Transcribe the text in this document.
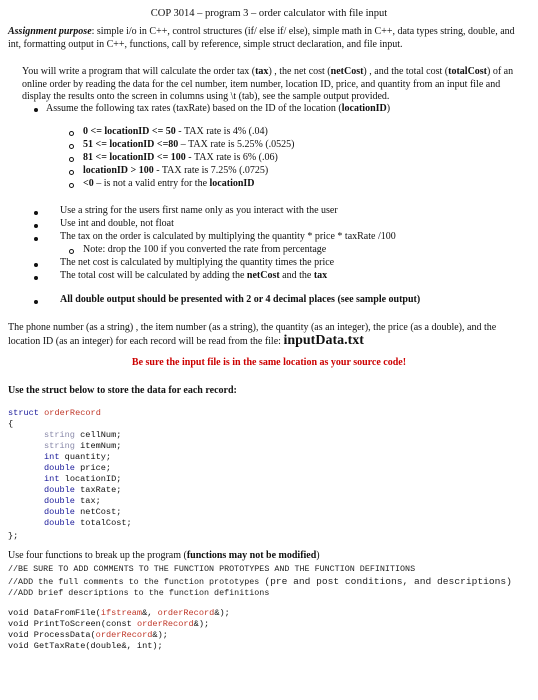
COP 3014 – program 3 – order calculator with file input
Assignment purpose: simple i/o in C++, control structures (if/ else if/ else), simple math in C++, data types string, double, and int, formatting output in C++, functions, call by reference, simple struct declaration, and file input.
You will write a program that will calculate the order tax (tax) , the net cost (netCost) , and the total cost (totalCost) of an online order by reading the data for the cel number, item number, location ID, price, and quantity from an input file and display the results onto the screen in columns using \t (tab), see the sample output provided.
Assume the following tax rates (taxRate) based on the ID of the location (locationID)
0 <= locationID <= 50 - TAX rate is 4% (.04)
51 <= locationID <=80 – TAX rate is 5.25% (.0525)
81 <= locationID <= 100 - TAX rate is 6% (.06)
locationID > 100 - TAX rate is 7.25% (.0725)
<0 – is not a valid entry for the locationID
Use a string for the users first name only as you interact with the user
Use int and double, not float
The tax on the order is calculated by multiplying the quantity * price * taxRate /100
Note: drop the 100 if you converted the rate from percentage
The net cost is calculated by multiplying the quantity times the price
The total cost will be calculated by adding the netCost and the tax
All double output should be presented with 2 or 4 decimal places (see sample output)
The phone number (as a string) , the item number (as a string), the quantity (as an integer), the price (as a double), and the location ID (as an integer) for each record will be read from the file: inputData.txt
Be sure the input file is in the same location as your source code!
Use the struct below to store the data for each record:
struct orderRecord
{
string cellNum;
string itemNum;
int quantity;
double price;
int locationID;
double taxRate;
double tax;
double netCost;
double totalCost;
};
Use four functions to break up the program (functions may not be modified)
//BE SURE TO ADD COMMENTS TO THE FUNCTION PROTOTYPES AND THE FUNCTION DEFINITIONS
//ADD the full comments to the function prototypes (pre and post conditions, and descriptions)
//ADD brief descriptions to the function definitions
void DataFromFile(ifstream&, orderRecord&);
void PrintToScreen(const orderRecord&);
void ProcessData(orderRecord&);
void GetTaxRate(double&, int);
